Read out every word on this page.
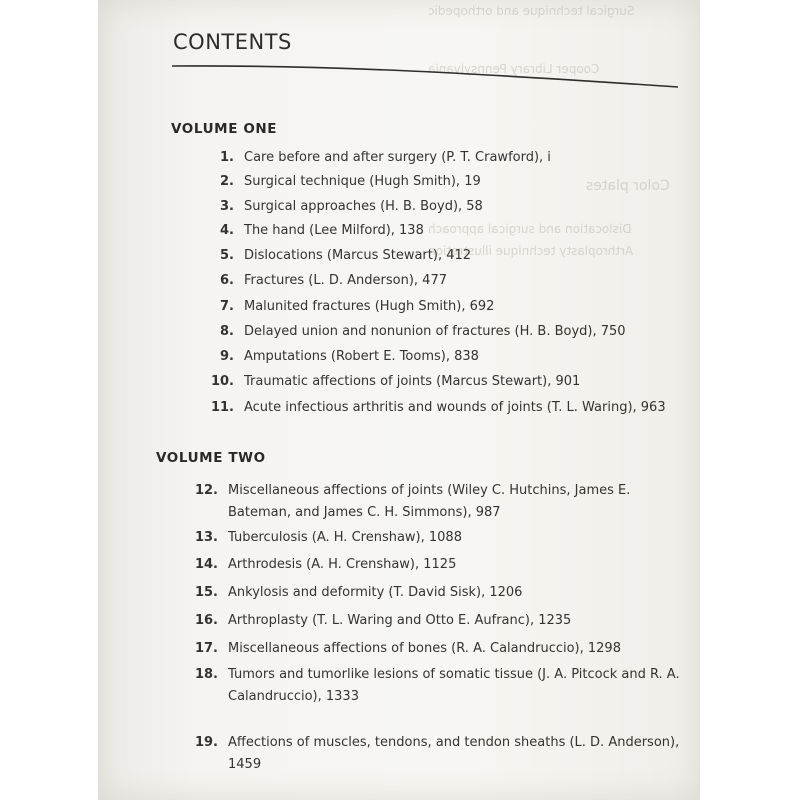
Surgical technique and orthopedic
Cooper Library Pennsylvania
Color plates
Dislocation and surgical approach
Arthroplasty technique illustration
CONTENTS
VOLUME ONE
1. Care before and after surgery (P. T. Crawford), i
2. Surgical technique (Hugh Smith), 19
3. Surgical approaches (H. B. Boyd), 58
4. The hand (Lee Milford), 138
5. Dislocations (Marcus Stewart), 412
6. Fractures (L. D. Anderson), 477
7. Malunited fractures (Hugh Smith), 692
8. Delayed union and nonunion of fractures (H. B. Boyd), 750
9. Amputations (Robert E. Tooms), 838
10. Traumatic affections of joints (Marcus Stewart), 901
11. Acute infectious arthritis and wounds of joints (T. L. Waring), 963
VOLUME TWO
12. Miscellaneous affections of joints (Wiley C. Hutchins, James E. Bateman, and James C. H. Simmons), 987
13. Tuberculosis (A. H. Crenshaw), 1088
14. Arthrodesis (A. H. Crenshaw), 1125
15. Ankylosis and deformity (T. David Sisk), 1206
16. Arthroplasty (T. L. Waring and Otto E. Aufranc), 1235
17. Miscellaneous affections of bones (R. A. Calandruccio), 1298
18. Tumors and tumorlike lesions of somatic tissue (J. A. Pitcock and R. A. Calandruccio), 1333
19. Affections of muscles, tendons, and tendon sheaths (L. D. Anderson), 1459
